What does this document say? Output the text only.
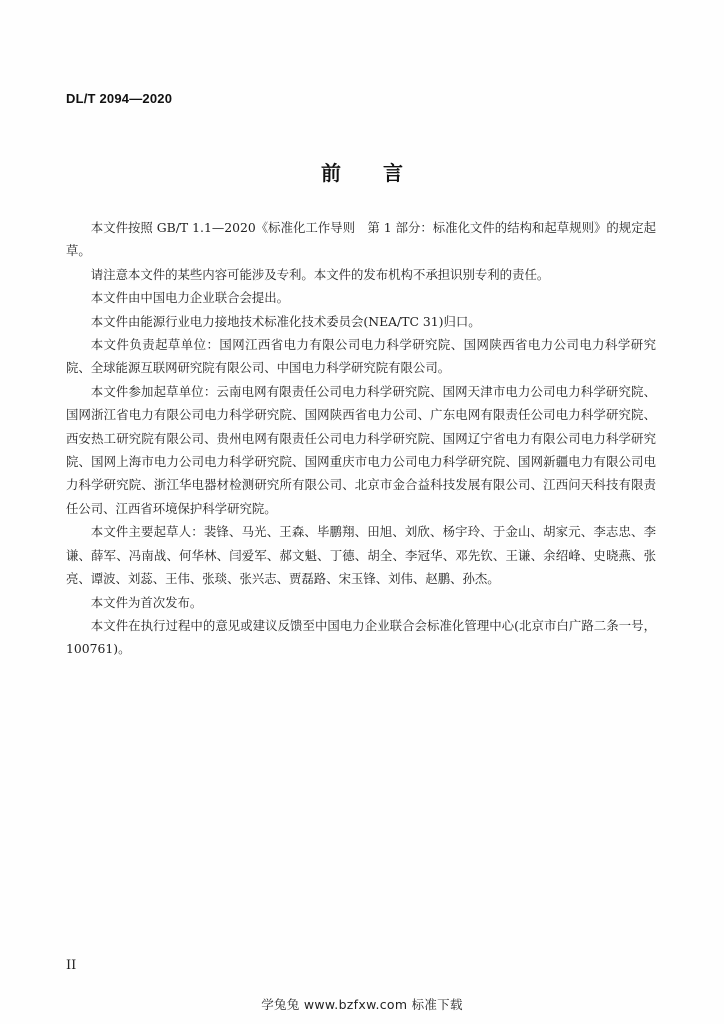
DL/T 2094—2020
前言

本文件按照 GB/T 1.1—2020《标准化工作导则　第 1 部分：标准化文件的结构和起草规则》的规定起草。

请注意本文件的某些内容可能涉及专利。本文件的发布机构不承担识别专利的责任。

本文件由中国电力企业联合会提出。

本文件由能源行业电力接地技术标准化技术委员会(NEA/TC 31)归口。

本文件负责起草单位：国网江西省电力有限公司电力科学研究院、国网陕西省电力公司电力科学研究院、全球能源互联网研究院有限公司、中国电力科学研究院有限公司。

本文件参加起草单位：云南电网有限责任公司电力科学研究院、国网天津市电力公司电力科学研究院、国网浙江省电力有限公司电力科学研究院、国网陕西省电力公司、广东电网有限责任公司电力科学研究院、西安热工研究院有限公司、贵州电网有限责任公司电力科学研究院、国网辽宁省电力有限公司电力科学研究院、国网上海市电力公司电力科学研究院、国网重庆市电力公司电力科学研究院、国网新疆电力有限公司电力科学研究院、浙江华电器材检测研究所有限公司、北京市金合益科技发展有限公司、江西问天科技有限责任公司、江西省环境保护科学研究院。

本文件主要起草人：裴锋、马光、王森、毕鹏翔、田旭、刘欣、杨宇玲、于金山、胡家元、李志忠、李谦、薛军、冯南战、何华林、闫爱军、郝文魁、丁德、胡全、李冠华、邓先钦、王谦、余绍峰、史晓燕、张亮、谭波、刘蕊、王伟、张琰、张兴志、贾磊路、宋玉锋、刘伟、赵鹏、孙杰。

本文件为首次发布。

本文件在执行过程中的意见或建议反馈至中国电力企业联合会标准化管理中心(北京市白广路二条一号，100761)。

II
学兔兔 www.bzfxw.com 标准下载
